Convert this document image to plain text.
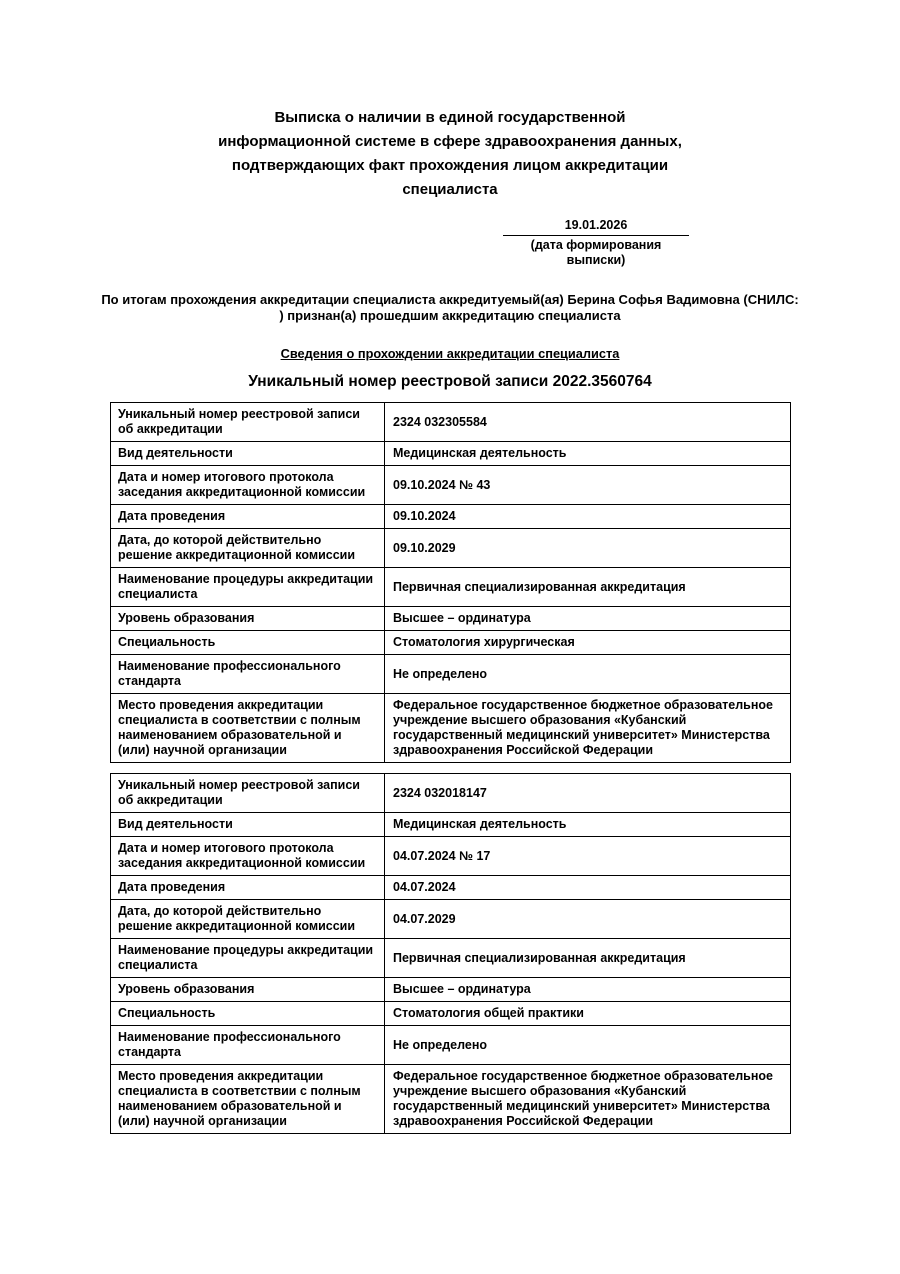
Выписка о наличии в единой государственной информационной системе в сфере здравоохранения данных, подтверждающих факт прохождения лицом аккредитации специалиста
19.01.2026
(дата формирования выписки)
По итогам прохождения аккредитации специалиста аккредитуемый(ая) Берина Софья Вадимовна (СНИЛС:
) признан(а) прошедшим аккредитацию специалиста
Сведения о прохождении аккредитации специалиста
Уникальный номер реестровой записи 2022.3560764
Уникальный номер реестровой записи об аккредитации	2324 032305584
Вид деятельности	Медицинская деятельность
Дата и номер итогового протокола заседания аккредитационной комиссии	09.10.2024 № 43
Дата проведения	09.10.2024
Дата, до которой действительно решение аккредитационной комиссии	09.10.2029
Наименование процедуры аккредитации специалиста	Первичная специализированная аккредитация
Уровень образования	Высшее – ординатура
Специальность	Стоматология хирургическая
Наименование профессионального стандарта	Не определено
Место проведения аккредитации специалиста в соответствии с полным наименованием образовательной и (или) научной организации	Федеральное государственное бюджетное образовательное учреждение высшего образования «Кубанский государственный медицинский университет» Министерства здравоохранения Российской Федерации
Уникальный номер реестровой записи об аккредитации	2324 032018147
Вид деятельности	Медицинская деятельность
Дата и номер итогового протокола заседания аккредитационной комиссии	04.07.2024 № 17
Дата проведения	04.07.2024
Дата, до которой действительно решение аккредитационной комиссии	04.07.2029
Наименование процедуры аккредитации специалиста	Первичная специализированная аккредитация
Уровень образования	Высшее – ординатура
Специальность	Стоматология общей практики
Наименование профессионального стандарта	Не определено
Место проведения аккредитации специалиста в соответствии с полным наименованием образовательной и (или) научной организации	Федеральное государственное бюджетное образовательное учреждение высшего образования «Кубанский государственный медицинский университет» Министерства здравоохранения Российской Федерации
